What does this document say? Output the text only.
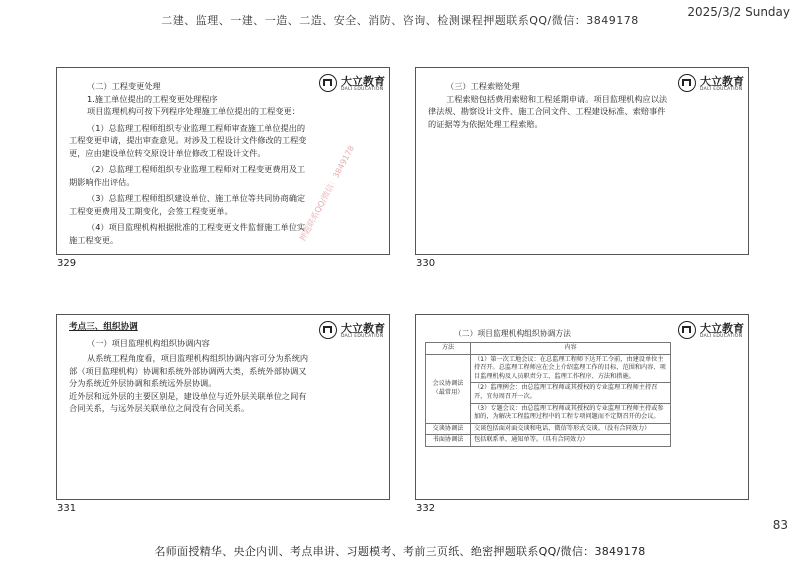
二建、监理、一建、一造、二造、安全、消防、咨询、检测课程押题联系QQ/微信：3849178
2025/3/2 Sunday
83
名师面授精华、央企内训、考点串讲、习题模考、考前三页纸、绝密押题联系QQ/微信：3849178
大立教育
DALI EDUCATION

（二）工程变更处理

1.施工单位提出的工程变更处理程序

项目监理机构可按下列程序处理施工单位提出的工程变更：

（1）总监理工程师组织专业监理工程师审查施工单位提出的工程变更申请，提出审查意见。对涉及工程设计文件修改的工程变更，应由建设单位转交原设计单位修改工程设计文件。

（2）总监理工程师组织专业监理工程师对工程变更费用及工期影响作出评估。

（3）总监理工程师组织建设单位、施工单位等共同协商确定工程变更费用及工期变化，会签工程变更单。

（4）项目监理机构根据批准的工程变更文件监督施工单位实施工程变更。	押题联系QQ/微信：3849178
329
大立教育
DALI EDUCATION

（三）工程索赔处理

工程索赔包括费用索赔和工程延期申请。项目监理机构应以法律法规、勘察设计文件、施工合同文件、工程建设标准、索赔事件的证据等为依据处理工程索赔。

330
大立教育
DALI EDUCATION

考点三、组织协调

（一）项目监理机构组织协调内容

从系统工程角度看，项目监理机构组织协调内容可分为系统内部（项目监理机构）协调和系统外部协调两大类，系统外部协调又分为系统近外层协调和系统远外层协调。

近外层和远外层的主要区别是，建设单位与近外层关联单位之间有合同关系，与远外层关联单位之间没有合同关系。

331
大立教育
DALI EDUCATION
（二）项目监理机构组织协调方法
方法	内容
会议协调法（最常用）	（1）第一次工地会议：在总监理工程师下达开工令前，由建设单位主持召开。总监理工程师应在会上介绍监理工作的目标、范围和内容、项目监理机构及人员职责分工、监理工作程序、方法和措施。
	（2）监理例会：由总监理工程师或其授权的专业监理工程师主持召开，宜每周召开一次。
	（3）专题会议：由总监理工程师或其授权的专业监理工程师主持或参加的，为解决工程监理过程中的工程专项问题而不定期召开的会议。
交谈协调法	交谈包括面对面交谈和电话、微信等形式交谈。（没有合同效力）
书面协调法	包括联系单、通知单等。（具有合同效力）
332
